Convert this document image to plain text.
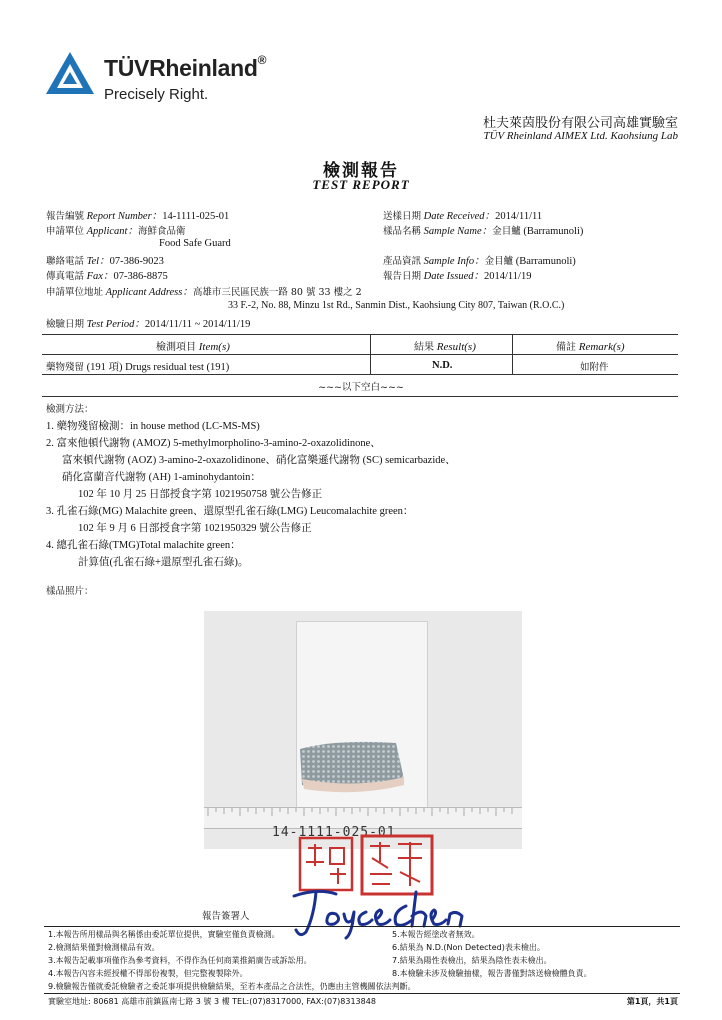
TÜVRheinland®
Precisely Right.
杜夫萊茵股份有限公司高雄實驗室
TÜV Rheinland AIMEX Ltd. Kaohsiung Lab
檢測報告
TEST REPORT
報告編號 Report Number：14-1111-025-01
申請單位 Applicant：海鮮食品衛
Food Safe Guard
聯絡電話 Tel：07-386-9023
傳真電話 Fax：07-386-8875
申請單位地址 Applicant Address：高雄市三民區民族一路 80 號 33 樓之 2
33 F.-2, No. 88, Minzu 1st Rd., Sanmin Dist., Kaohsiung City 807, Taiwan (R.O.C.)
檢驗日期 Test Period：2014/11/11 ~ 2014/11/19
送樣日期 Date Received：2014/11/11
樣品名稱 Sample Name：金目鱸 (Barramunoli)
產品資訊 Sample Info：金目鱸 (Barramunoli)
報告日期 Date Issued：2014/11/19
檢測項目 Item(s)	結果 Result(s)	備註 Remark(s)
藥物殘留 (191 項) Drugs residual test (191)	N.D.	如附件
~~~以下空白~~~
檢測方法：
1. 藥物殘留檢測：in house method (LC-MS-MS)
2. 富來他頓代謝物 (AMOZ) 5-methylmorpholino-3-amino-2-oxazolidinone、
富來頓代謝物 (AOZ) 3-amino-2-oxazolidinone、硝化富樂遜代謝物 (SC) semicarbazide、
硝化富蘭音代謝物 (AH) 1-aminohydantoin：
102 年 10 月 25 日部授食字第 1021950758 號公告修正
3. 孔雀石綠(MG) Malachite green、還原型孔雀石綠(LMG) Leucomalachite green：
102 年 9 月 6 日部授食字第 1021950329 號公告修正
4. 總孔雀石綠(TMG)Total malachite green：
計算值(孔雀石綠+還原型孔雀石綠)。
樣品照片：
14-1111-025-01
報告簽署人
1.本報告所用樣品與名稱係由委託單位提供，實驗室僅負責檢測。
2.檢測結果僅對檢測樣品有效。
3.本報告記載事項僅作為參考資料，不得作為任何商業推銷廣告或訴訟用。
4.本報告內容未經授權不得部份複製，但完整複製除外。
9.檢驗報告僅就委託檢驗者之委託事項提供檢驗結果，至若本產品之合法性，仍應由主管機關依法判斷。
5.本報告經塗改者無效。
6.結果為 N.D.(Non Detected)表未檢出。
7.結果為陽性表檢出，結果為陰性表未檢出。
8.本檢驗未涉及檢驗抽樣，報告書僅對該送檢檢體負責。
實驗室地址: 80681 高雄市前鎮區南七路 3 號 3 樓 TEL:(07)8317000, FAX:(07)8313848	第1頁，共1頁
